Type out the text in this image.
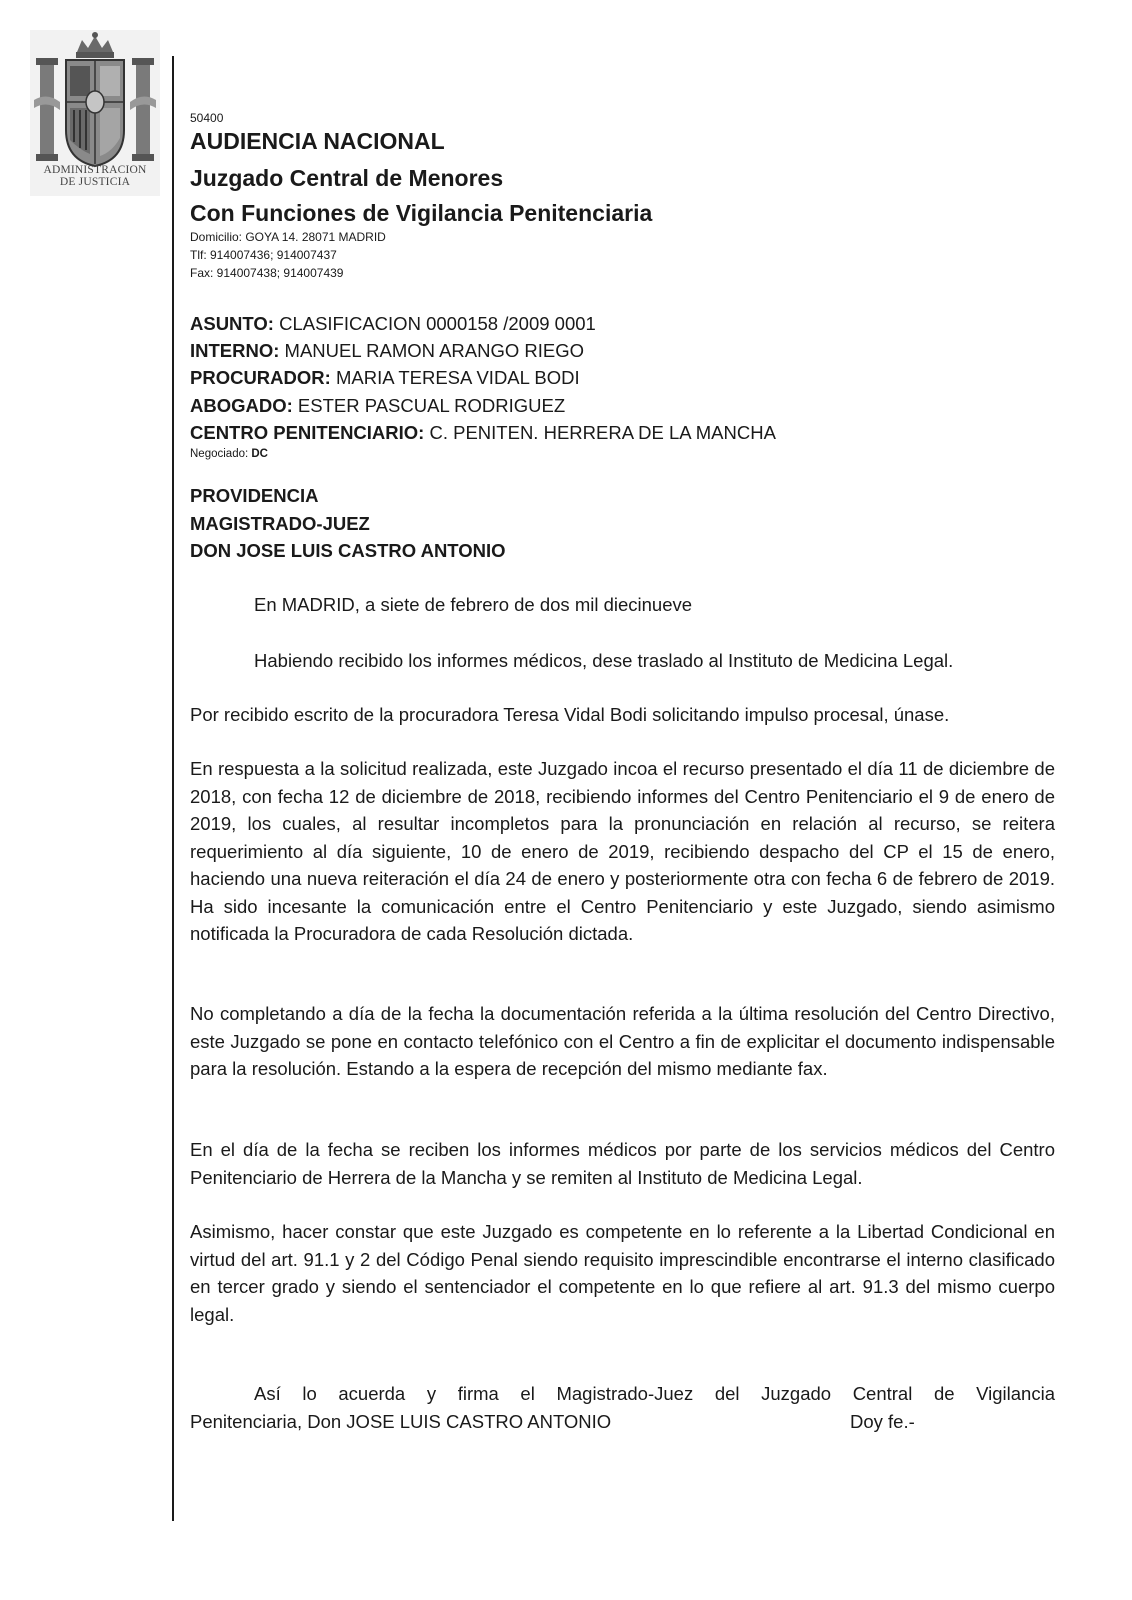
ADMINISTRACION
DE JUSTICIA
50400
AUDIENCIA NACIONAL
Juzgado Central de Menores
Con Funciones de Vigilancia Penitenciaria
Domicilio: GOYA 14. 28071 MADRID
Tlf: 914007436; 914007437
Fax: 914007438; 914007439
ASUNTO: CLASIFICACION 0000158 /2009 0001
INTERNO: MANUEL RAMON ARANGO RIEGO
PROCURADOR: MARIA TERESA VIDAL BODI
ABOGADO: ESTER PASCUAL RODRIGUEZ
CENTRO PENITENCIARIO: C. PENITEN. HERRERA DE LA MANCHA
Negociado: DC
PROVIDENCIA
MAGISTRADO-JUEZ
DON JOSE LUIS CASTRO ANTONIO
En MADRID, a siete de febrero de dos mil diecinueve
Habiendo recibido los informes médicos, dese traslado al Instituto de Medicina Legal.
Por recibido escrito de la procuradora Teresa Vidal Bodi solicitando impulso procesal, únase.
En respuesta a la solicitud realizada, este Juzgado incoa el recurso presentado el día 11 de diciembre de 2018, con fecha 12 de diciembre de 2018, recibiendo informes del Centro Penitenciario el 9 de enero de 2019, los cuales, al resultar incompletos para la pronunciación en relación al recurso, se reitera requerimiento al día siguiente, 10 de enero de 2019, recibiendo despacho del CP el 15 de enero, haciendo una nueva reiteración el día 24 de enero y posteriormente otra con fecha 6 de febrero de 2019. Ha sido incesante la comunicación entre el Centro Penitenciario y este Juzgado, siendo asimismo notificada la Procuradora de cada Resolución dictada.
No completando a día de la fecha la documentación referida a la última resolución del Centro Directivo, este Juzgado se pone en contacto telefónico con el Centro a fin de explicitar el documento indispensable para la resolución. Estando a la espera de recepción del mismo mediante fax.
En el día de la fecha se reciben los informes médicos por parte de los servicios médicos del Centro Penitenciario de Herrera de la Mancha y se remiten al Instituto de Medicina Legal.
Asimismo, hacer constar que este Juzgado es competente en lo referente a la Libertad Condicional en virtud del art. 91.1 y 2 del Código Penal siendo requisito imprescindible encontrarse el interno clasificado en tercer grado y siendo el sentenciador el competente en lo que refiere al art. 91.3 del mismo cuerpo legal.
Así lo acuerda y firma el Magistrado-Juez del Juzgado Central de Vigilancia
Penitenciaria, Don JOSE LUIS CASTRO ANTONIO	Doy fe.-
